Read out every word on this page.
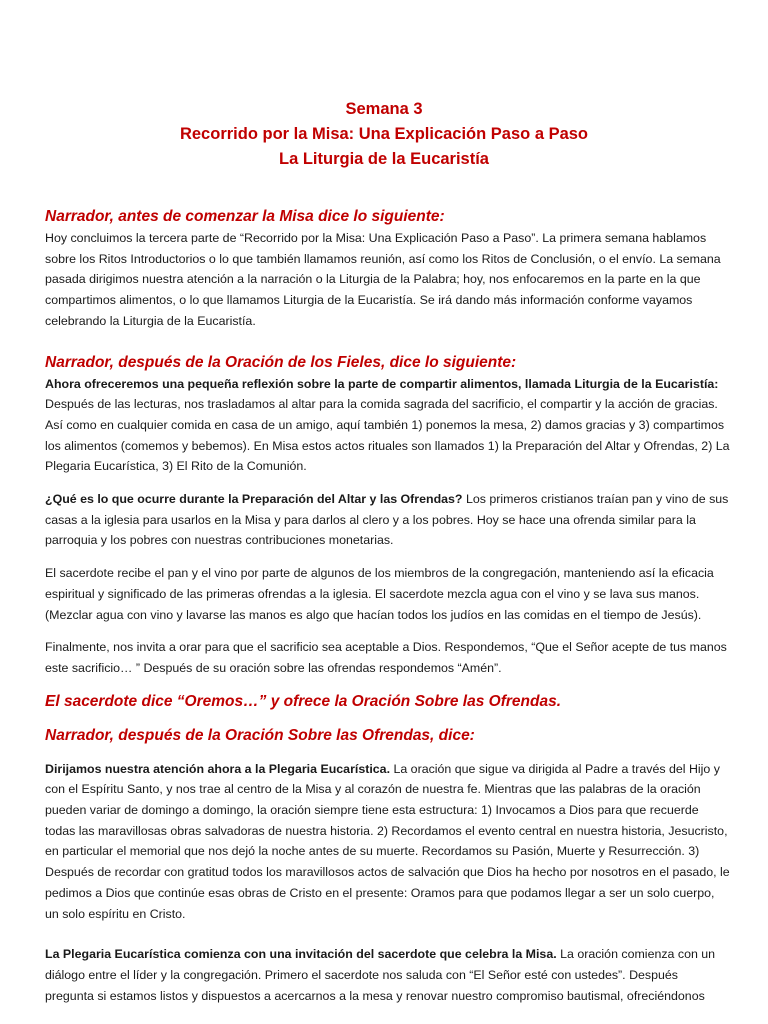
Semana 3
Recorrido por la Misa: Una Explicación Paso a Paso
La Liturgia de la Eucaristía

Narrador, antes de comenzar la Misa dice lo siguiente:

Hoy concluimos la tercera parte de “Recorrido por la Misa: Una Explicación Paso a Paso”. La primera semana hablamos sobre los Ritos Introductorios o lo que también llamamos reunión, así como los Ritos de Conclusión, o el envío. La semana pasada dirigimos nuestra atención a la narración o la Liturgia de la Palabra; hoy, nos enfocaremos en la parte en la que compartimos alimentos, o lo que llamamos Liturgia de la Eucaristía. Se irá dando más información conforme vayamos celebrando la Liturgia de la Eucaristía.

Narrador, después de la Oración de los Fieles, dice lo siguiente:

Ahora ofreceremos una pequeña reflexión sobre la parte de compartir alimentos, llamada Liturgia de la Eucaristía:

Después de las lecturas, nos trasladamos al altar para la comida sagrada del sacrificio, el compartir y la acción de gracias. Así como en cualquier comida en casa de un amigo, aquí también 1) ponemos la mesa, 2) damos gracias y 3) compartimos los alimentos (comemos y bebemos). En Misa estos actos rituales son llamados 1) la Preparación del Altar y Ofrendas, 2) La Plegaria Eucarística, 3) El Rito de la Comunión.

¿Qué es lo que ocurre durante la Preparación del Altar y las Ofrendas? Los primeros cristianos traían pan y vino de sus casas a la iglesia para usarlos en la Misa y para darlos al clero y a los pobres. Hoy se hace una ofrenda similar para la parroquia y los pobres con nuestras contribuciones monetarias.

El sacerdote recibe el pan y el vino por parte de algunos de los miembros de la congregación, manteniendo así la eficacia espiritual y significado de las primeras ofrendas a la iglesia. El sacerdote mezcla agua con el vino y se lava sus manos. (Mezclar agua con vino y lavarse las manos es algo que hacían todos los judíos en las comidas en el tiempo de Jesús).

Finalmente, nos invita a orar para que el sacrificio sea aceptable a Dios. Respondemos, “Que el Señor acepte de tus manos este sacrificio… ” Después de su oración sobre las ofrendas respondemos “Amén”.

El sacerdote dice “Oremos…” y ofrece la Oración Sobre las Ofrendas.

Narrador, después de la Oración Sobre las Ofrendas, dice:

Dirijamos nuestra atención ahora a la Plegaria Eucarística. La oración que sigue va dirigida al Padre a través del Hijo y con el Espíritu Santo, y nos trae al centro de la Misa y al corazón de nuestra fe. Mientras que las palabras de la oración pueden variar de domingo a domingo, la oración siempre tiene esta estructura: 1) Invocamos a Dios para que recuerde todas las maravillosas obras salvadoras de nuestra historia. 2) Recordamos el evento central en nuestra historia, Jesucristo, en particular el memorial que nos dejó la noche antes de su muerte. Recordamos su Pasión, Muerte y Resurrección. 3) Después de recordar con gratitud todos los maravillosos actos de salvación que Dios ha hecho por nosotros en el pasado, le pedimos a Dios que continúe esas obras de Cristo en el presente: Oramos para que podamos llegar a ser un solo cuerpo, un solo espíritu en Cristo.

La Plegaria Eucarística comienza con una invitación del sacerdote que celebra la Misa. La oración comienza con un diálogo entre el líder y la congregación. Primero el sacerdote nos saluda con “El Señor esté con ustedes”. Después pregunta si estamos listos y dispuestos a acercarnos a la mesa y renovar nuestro compromiso bautismal, ofreciéndonos
